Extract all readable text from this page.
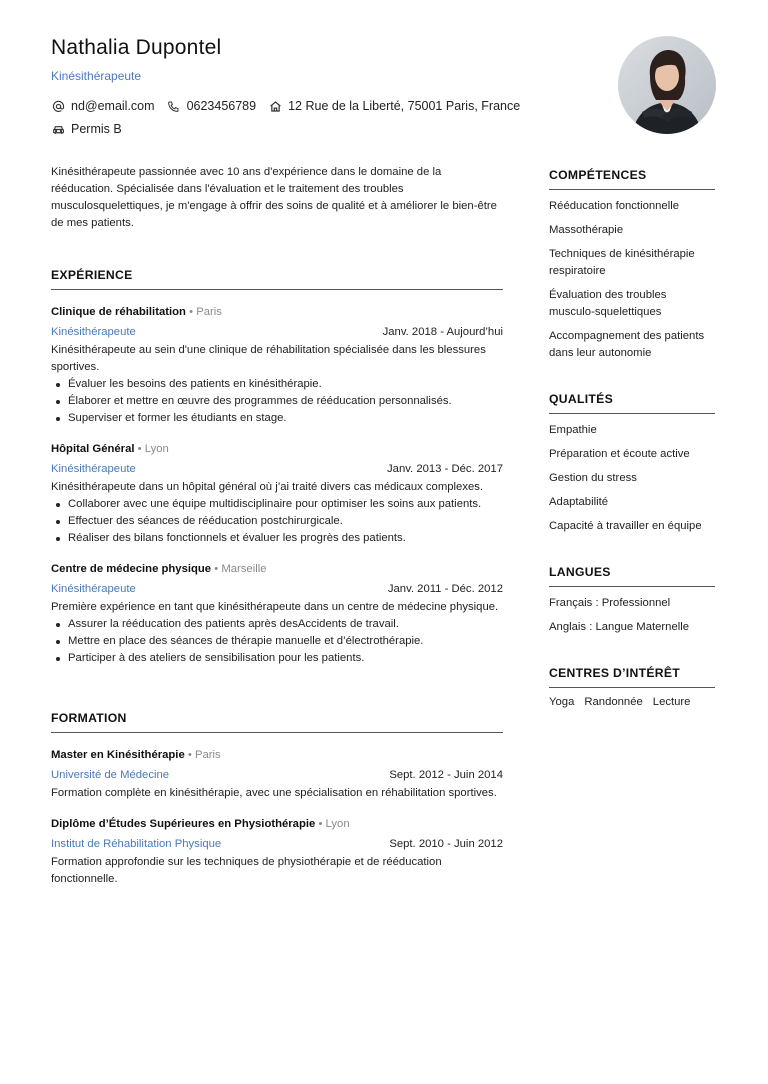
Nathalia Dupontel
Kinésithérapeute
nd@email.com	0623456789	12 Rue de la Liberté, 75001 Paris, France
Permis B

Kinésithérapeute passionnée avec 10 ans d'expérience dans le domaine de la rééducation. Spécialisée dans l'évaluation et le traitement des troubles musculosquelettiques, je m'engage à offrir des soins de qualité et à améliorer le bien-être de mes patients.

EXPÉRIENCE
Clinique de réhabilitation • Paris
Kinésithérapeute	Janv. 2018 - Aujourd’hui
Kinésithérapeute au sein d'une clinique de réhabilitation spécialisée dans les blessures sportives.
Évaluer les besoins des patients en kinésithérapie.
Élaborer et mettre en œuvre des programmes de rééducation personnalisés.
Superviser et former les étudiants en stage.
Hôpital Général • Lyon
Kinésithérapeute	Janv. 2013 - Déc. 2017
Kinésithérapeute dans un hôpital général où j’ai traité divers cas médicaux complexes.
Collaborer avec une équipe multidisciplinaire pour optimiser les soins aux patients.
Effectuer des séances de rééducation postchirurgicale.
Réaliser des bilans fonctionnels et évaluer les progrès des patients.
Centre de médecine physique • Marseille
Kinésithérapeute	Janv. 2011 - Déc. 2012
Première expérience en tant que kinésithérapeute dans un centre de médecine physique.
Assurer la rééducation des patients après desAccidents de travail.
Mettre en place des séances de thérapie manuelle et d’électrothérapie.
Participer à des ateliers de sensibilisation pour les patients.
FORMATION
Master en Kinésithérapie • Paris
Université de Médecine	Sept. 2012 - Juin 2014
Formation complète en kinésithérapie, avec une spécialisation en réhabilitation sportives.
Diplôme d’Études Supérieures en Physiothérapie • Lyon
Institut de Réhabilitation Physique	Sept. 2010 - Juin 2012
Formation approfondie sur les techniques de physiothérapie et de rééducation fonctionnelle.
COMPÉTENCES
Rééducation fonctionnelle
Massothérapie
Techniques de kinésithérapie respiratoire
Évaluation des troubles musculo-squelettiques
Accompagnement des patients dans leur autonomie
QUALITÉS
Empathie
Préparation et écoute active
Gestion du stress
Adaptabilité
Capacité à travailler en équipe
LANGUES
Français : Professionnel
Anglais : Langue Maternelle
CENTRES D’INTÉRÊT
Yoga Randonnée Lecture
